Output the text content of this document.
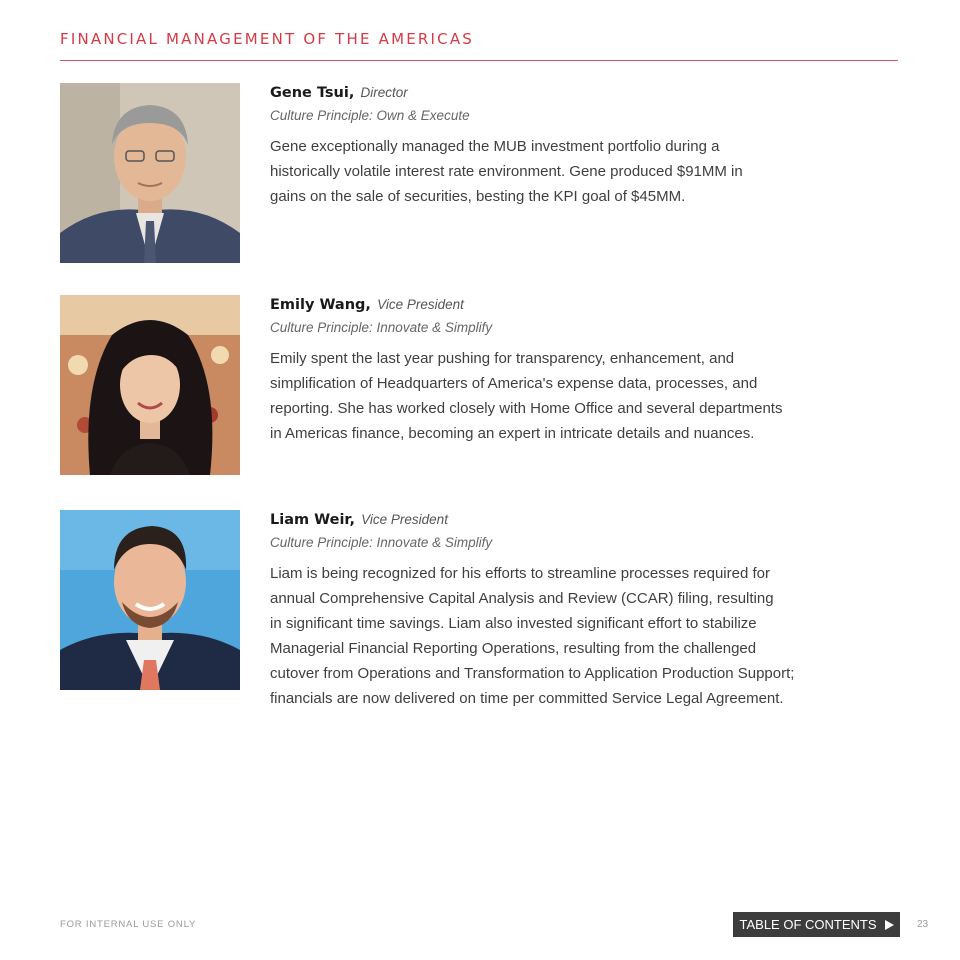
FINANCIAL MANAGEMENT OF THE AMERICAS
Gene Tsui, Director
Culture Principle: Own & Execute
Gene exceptionally managed the MUB investment portfolio during a
historically volatile interest rate environment. Gene produced $91MM in
gains on the sale of securities, besting the KPI goal of $45MM.
Emily Wang, Vice President
Culture Principle: Innovate & Simplify
Emily spent the last year pushing for transparency, enhancement, and
simplification of Headquarters of America's expense data, processes, and
reporting. She has worked closely with Home Office and several departments
in Americas finance, becoming an expert in intricate details and nuances.
Liam Weir, Vice President
Culture Principle: Innovate & Simplify
Liam is being recognized for his efforts to streamline processes required for
annual Comprehensive Capital Analysis and Review (CCAR) filing, resulting
in significant time savings. Liam also invested significant effort to stabilize
Managerial Financial Reporting Operations, resulting from the challenged
cutover from Operations and Transformation to Application Production Support;
financials are now delivered on time per committed Service Legal Agreement.
FOR INTERNAL USE ONLY	TABLE OF CONTENTS	23
